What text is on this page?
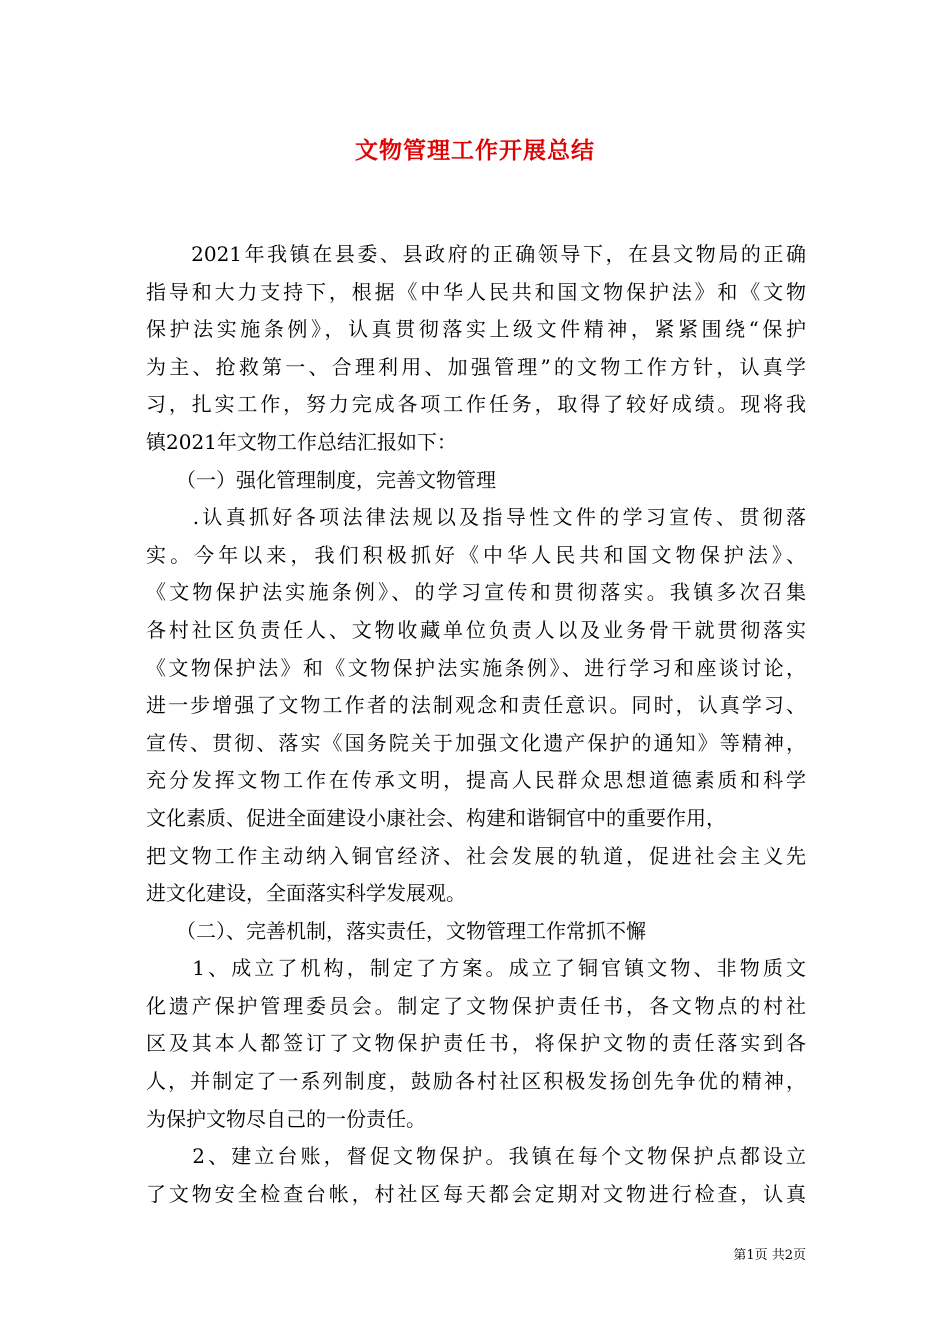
文物管理工作开展总结
　　2021年我镇在县委、县政府的正确领导下，在县文物局的正确
指导和大力支持下，根据《中华人民共和国文物保护法》和《文物
保护法实施条例》，认真贯彻落实上级文件精神，紧紧围绕“保护
为主、抢救第一、合理利用、加强管理”的文物工作方针，认真学
习，扎实工作，努力完成各项工作任务，取得了较好成绩。现将我
镇2021年文物工作总结汇报如下：
　　（一）强化管理制度，完善文物管理
　　.认真抓好各项法律法规以及指导性文件的学习宣传、贯彻落
实。今年以来，我们积极抓好《中华人民共和国文物保护法》、
《文物保护法实施条例》、的学习宣传和贯彻落实。我镇多次召集
各村社区负责任人、文物收藏单位负责人以及业务骨干就贯彻落实
《文物保护法》和《文物保护法实施条例》、进行学习和座谈讨论，
进一步增强了文物工作者的法制观念和责任意识。同时，认真学习、
宣传、贯彻、落实《国务院关于加强文化遗产保护的通知》等精神，
充分发挥文物工作在传承文明，提高人民群众思想道德素质和科学
文化素质、促进全面建设小康社会、构建和谐铜官中的重要作用，
把文物工作主动纳入铜官经济、社会发展的轨道，促进社会主义先
进文化建设，全面落实科学发展观。
　　（二）、完善机制，落实责任，文物管理工作常抓不懈
　　1、成立了机构，制定了方案。成立了铜官镇文物、非物质文
化遗产保护管理委员会。制定了文物保护责任书，各文物点的村社
区及其本人都签订了文物保护责任书，将保护文物的责任落实到各
人，并制定了一系列制度，鼓励各村社区积极发扬创先争优的精神，
为保护文物尽自己的一份责任。
　　2、建立台账，督促文物保护。我镇在每个文物保护点都设立
了文物安全检查台帐，村社区每天都会定期对文物进行检查，认真
第1页 共2页
